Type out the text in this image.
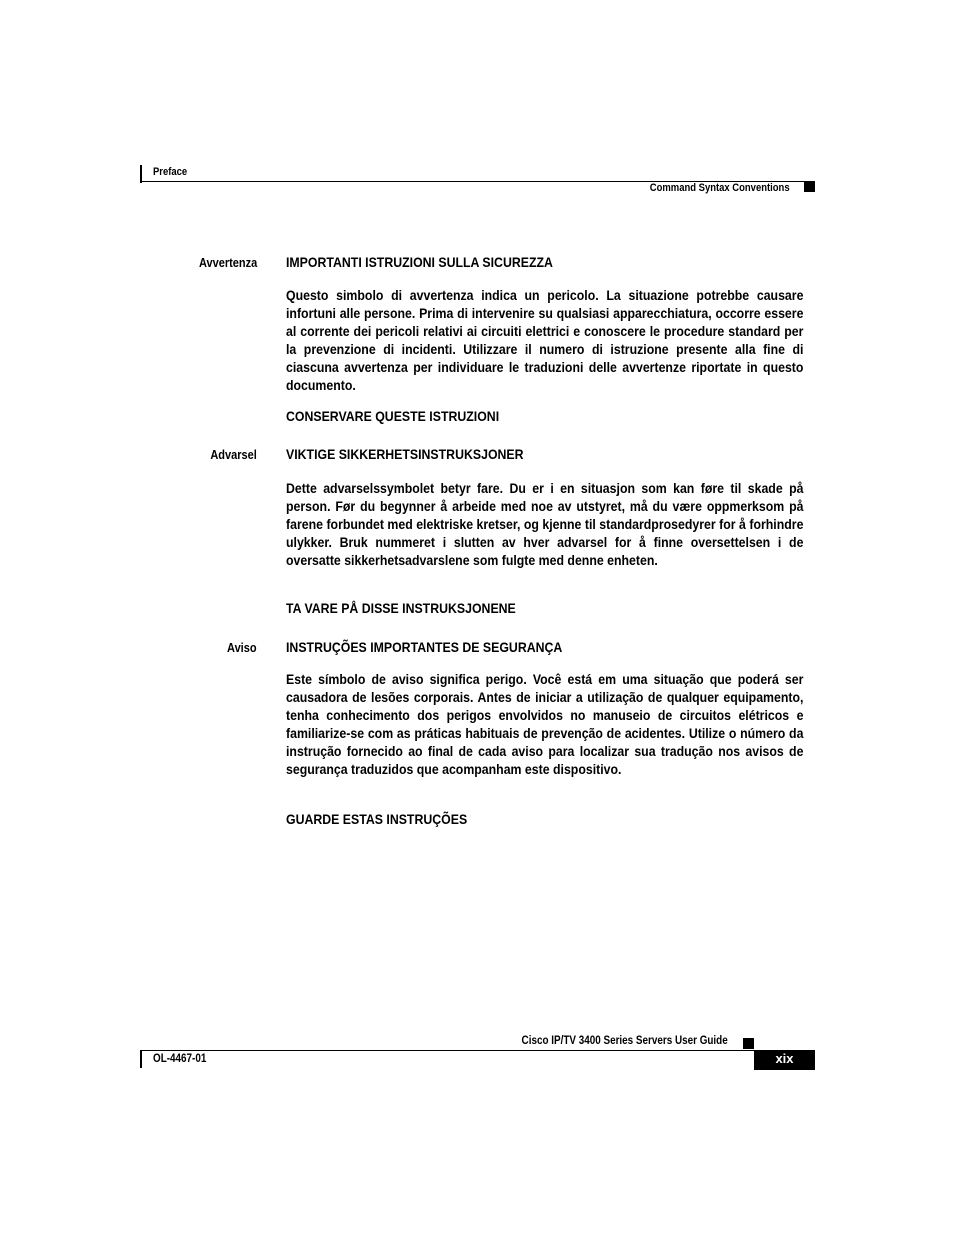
Preface
Command Syntax Conventions
Avvertenza IMPORTANTI ISTRUZIONI SULLA SICUREZZA
Questo simbolo di avvertenza indica un pericolo. La situazione potrebbe causare infortuni alle persone. Prima di intervenire su qualsiasi apparecchiatura, occorre essere al corrente dei pericoli relativi ai circuiti elettrici e conoscere le procedure standard per la prevenzione di incidenti. Utilizzare il numero di istruzione presente alla fine di ciascuna avvertenza per individuare le traduzioni delle avvertenze riportate in questo documento.
CONSERVARE QUESTE ISTRUZIONI
Advarsel VIKTIGE SIKKERHETSINSTRUKSJONER
Dette advarselssymbolet betyr fare. Du er i en situasjon som kan føre til skade på person. Før du begynner å arbeide med noe av utstyret, må du være oppmerksom på farene forbundet med elektriske kretser, og kjenne til standardprosedyrer for å forhindre ulykker. Bruk nummeret i slutten av hver advarsel for å finne oversettelsen i de oversatte sikkerhetsadvarslene som fulgte med denne enheten.
TA VARE PÅ DISSE INSTRUKSJONENE
Aviso INSTRUÇÕES IMPORTANTES DE SEGURANÇA
Este símbolo de aviso significa perigo. Você está em uma situação que poderá ser causadora de lesões corporais. Antes de iniciar a utilização de qualquer equipamento, tenha conhecimento dos perigos envolvidos no manuseio de circuitos elétricos e familiarize-se com as práticas habituais de prevenção de acidentes. Utilize o número da instrução fornecido ao final de cada aviso para localizar sua tradução nos avisos de segurança traduzidos que acompanham este dispositivo.
GUARDE ESTAS INSTRUÇÕES
Cisco IP/TV 3400 Series Servers User Guide
OL-4467-01	xix
